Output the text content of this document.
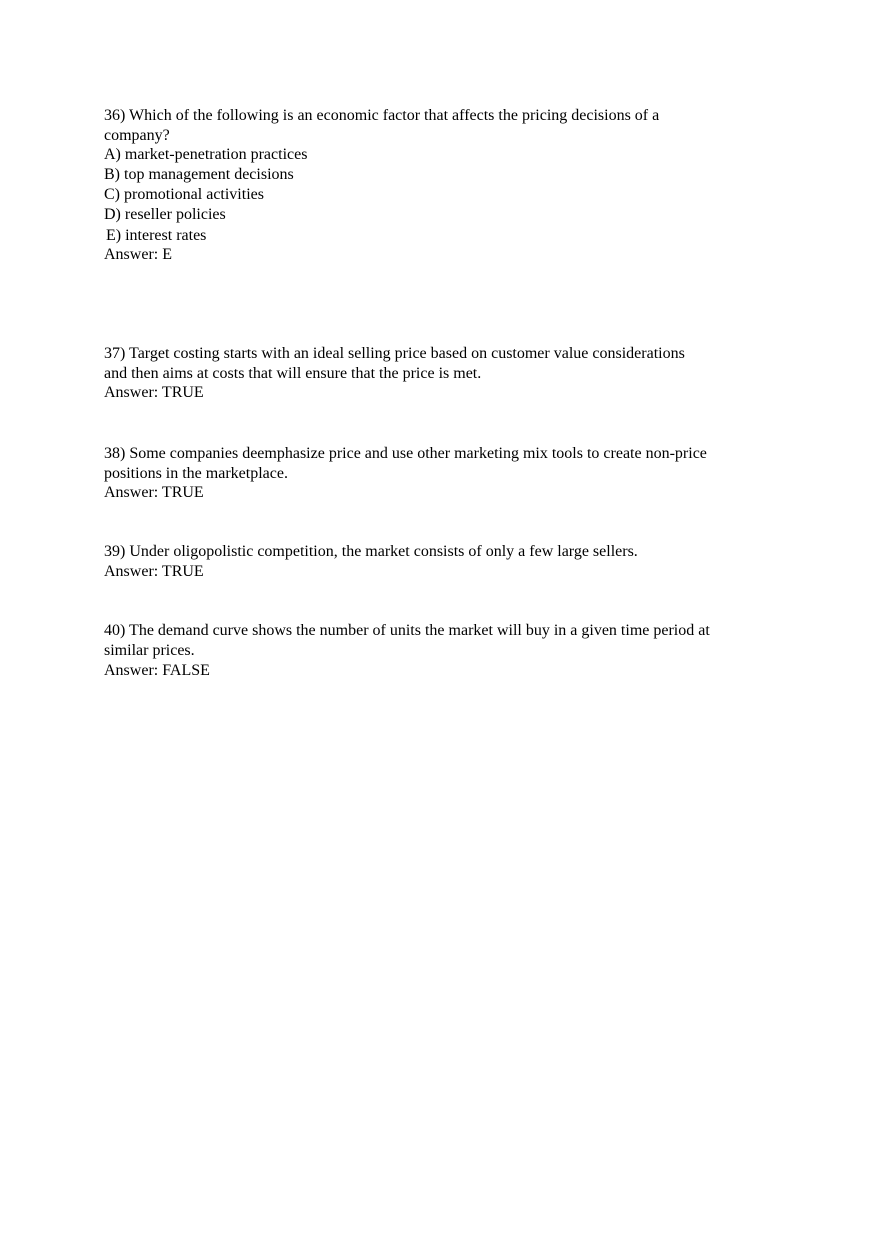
36) Which of the following is an economic factor that affects the pricing decisions of a
company?
A) market-penetration practices
B) top management decisions
C) promotional activities
D) reseller policies
E) interest rates
Answer: E
37) Target costing starts with an ideal selling price based on customer value considerations
and then aims at costs that will ensure that the price is met.
Answer: TRUE
38) Some companies deemphasize price and use other marketing mix tools to create non-price
positions in the marketplace.
Answer: TRUE
39) Under oligopolistic competition, the market consists of only a few large sellers.
Answer: TRUE
40) The demand curve shows the number of units the market will buy in a given time period at
similar prices.
Answer: FALSE
